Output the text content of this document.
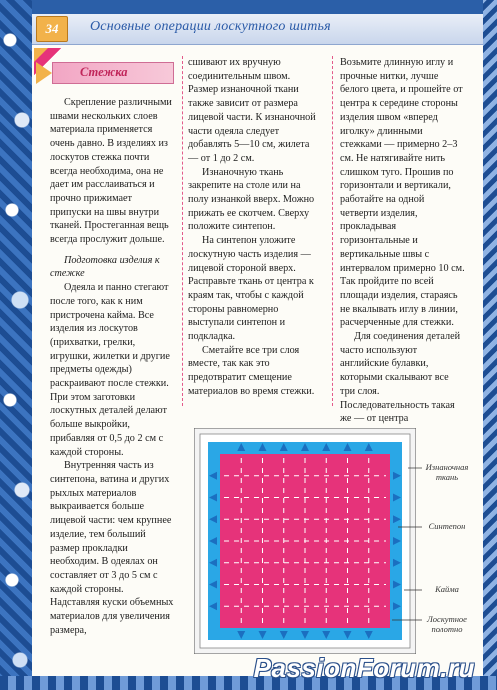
34	Основные операции лоскутного шитья
Стежка

Скрепление различными швами нескольких слоев материала применяется очень давно. В изделиях из лоскутов стежка почти всегда необходима, она не дает им расслаиваться и прочно прижимает припуски на швы внутри тканей. Простеганная вещь всегда прослужит дольше.

Подготовка изделия к стежке

Одеяла и панно стегают после того, как к ним пристрочена кайма. Все изделия из лоскутов (прихватки, грелки, игрушки, жилетки и другие предметы одежды) раскраивают после стежки. При этом заготовки лоскутных деталей делают больше выкройки, прибавляя от 0,5 до 2 см с каждой стороны.

Внутренняя часть из синтепона, ватина и других рыхлых материалов выкраивается больше лицевой части: чем крупнее изделие, тем больший размер прокладки необходим. В одеялах он составляет от 3 до 5 см с каждой стороны. Надставляя куски объемных материалов для увеличения размера,

сшивают их вручную соединительным швом. Размер изнаночной ткани также зависит от размера лицевой части. К изнаночной части одеяла следует добавлять 5—10 см, жилета — от 1 до 2 см.

Изнаночную ткань закрепите на столе или на полу изнанкой вверх. Можно прижать ее скотчем. Сверху положите синтепон.

На синтепон уложите лоскутную часть изделия — лицевой стороной вверх. Расправьте ткань от центра к краям так, чтобы с каждой стороны равномерно выступали синтепон и подкладка.

Сметайте все три слоя вместе, так как это предотвратит смещение материалов во время стежки.

Возьмите длинную иглу и прочные нитки, лучше белого цвета, и прошейте от центра к середине стороны изделия швом «вперед иголку» длинными стежками — примерно 2–3 см. Не натягивайте нить слишком туго. Прошив по горизонтали и вертикали, работайте на одной четверти изделия, прокладывая горизонтальные и вертикальные швы с интервалом примерно 10 см. Так пройдите по всей площади изделия, стараясь не вкалывать иглу в линии, расчерченные для стежки.

Для соединения деталей часто используют английские булавки, которыми скалывают все три слоя. Последовательность такая же — от центра

Изнаночная ткань
Синтепон
Кайма
Лоскутное полотно
PassionForum.ru
